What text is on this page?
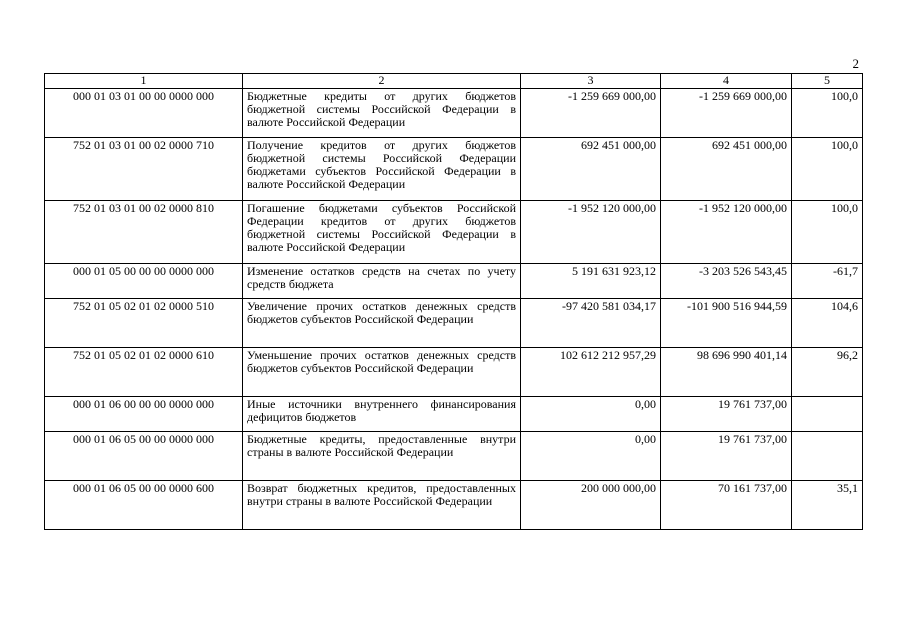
2
1	2	3	4	5
000 01 03 01 00 00 0000 000	Бюджетные кредиты от других бюджетов бюджетной системы Российской Федерации в валюте Российской Федерации	-1 259 669 000,00	-1 259 669 000,00	100,0
752 01 03 01 00 02 0000 710	Получение кредитов от других бюджетов бюджетной системы Российской Федерации бюджетами субъектов Российской Федерации в валюте Российской Федерации	692 451 000,00	692 451 000,00	100,0
752 01 03 01 00 02 0000 810	Погашение бюджетами субъектов Российской Федерации кредитов от других бюджетов бюджетной системы Российской Федерации в валюте Российской Федерации	-1 952 120 000,00	-1 952 120 000,00	100,0
000 01 05 00 00 00 0000 000	Изменение остатков средств на счетах по учету средств бюджета	5 191 631 923,12	-3 203 526 543,45	-61,7
752 01 05 02 01 02 0000 510	Увеличение прочих остатков денежных средств бюджетов субъектов Российской Федерации	-97 420 581 034,17	-101 900 516 944,59	104,6
752 01 05 02 01 02 0000 610	Уменьшение прочих остатков денежных средств бюджетов субъектов Российской Федерации	102 612 212 957,29	98 696 990 401,14	96,2
000 01 06 00 00 00 0000 000	Иные источники внутреннего финансирования дефицитов бюджетов	0,00	19 761 737,00	
000 01 06 05 00 00 0000 000	Бюджетные кредиты, предоставленные внутри страны в валюте Российской Федерации	0,00	19 761 737,00	
000 01 06 05 00 00 0000 600	Возврат бюджетных кредитов, предоставленных внутри страны в валюте Российской Федерации	200 000 000,00	70 161 737,00	35,1
